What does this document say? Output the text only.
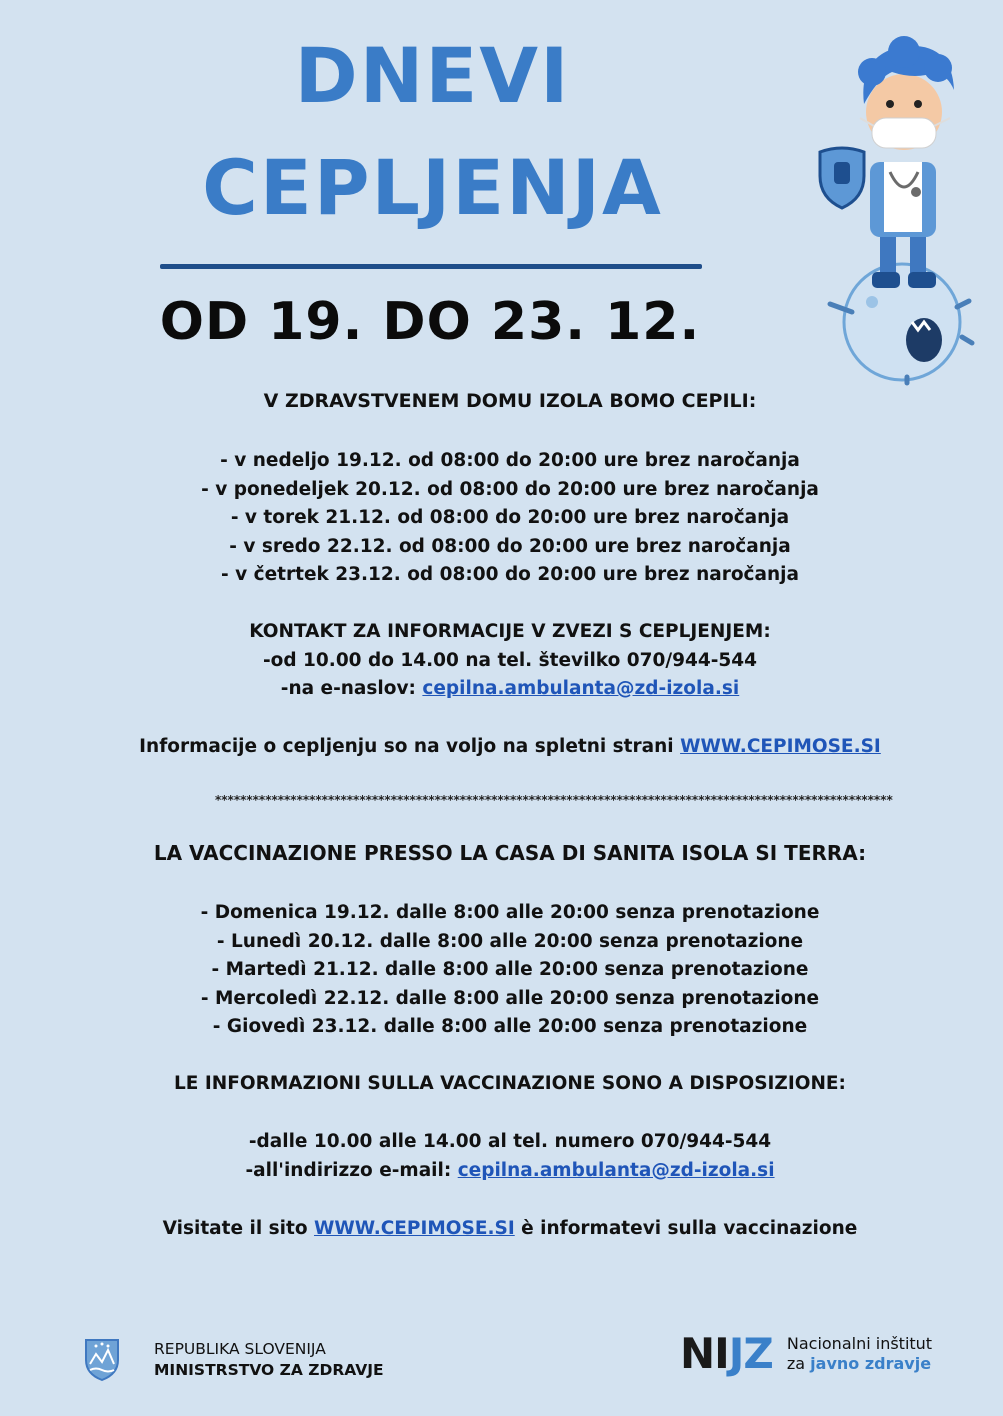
DNEVI
CEPLJENJA
OD 19. DO 23. 12.

V ZDRAVSTVENEM DOMU IZOLA BOMO CEPILI:

- v nedeljo 19.12. od 08:00 do 20:00 ure brez naročanja

- v ponedeljek 20.12. od 08:00 do 20:00 ure brez naročanja

- v torek 21.12. od 08:00 do 20:00 ure brez naročanja

- v sredo 22.12. od 08:00 do 20:00 ure brez naročanja

- v četrtek 23.12. od 08:00 do 20:00 ure brez naročanja

KONTAKT ZA INFORMACIJE V ZVEZI S CEPLJENJEM:

-od 10.00 do 14.00 na tel. številko 070/944-544

-na e-naslov: cepilna.ambulanta@zd-izola.si

Informacije o cepljenju so na voljo na spletni strani WWW.CEPIMOSE.SI

************************************************************************************************************

LA VACCINAZIONE PRESSO LA CASA DI SANITA ISOLA SI TERRA:

- Domenica 19.12. dalle 8:00 alle 20:00 senza prenotazione

- Lunedì 20.12. dalle 8:00 alle 20:00 senza prenotazione

- Martedì 21.12. dalle 8:00 alle 20:00 senza prenotazione

- Mercoledì 22.12. dalle 8:00 alle 20:00 senza prenotazione

- Giovedì 23.12. dalle 8:00 alle 20:00 senza prenotazione

LE INFORMAZIONI SULLA VACCINAZIONE SONO A DISPOSIZIONE:

-dalle 10.00 alle 14.00 al tel. numero 070/944-544

-all'indirizzo e-mail: cepilna.ambulanta@zd-izola.si

Visitate il sito WWW.CEPIMOSE.SI è informatevi sulla vaccinazione

REPUBLIKA SLOVENIJA
MINISTRSTVO ZA ZDRAVJE	NIJZ Nacionalni inštitut
za javno zdravje
